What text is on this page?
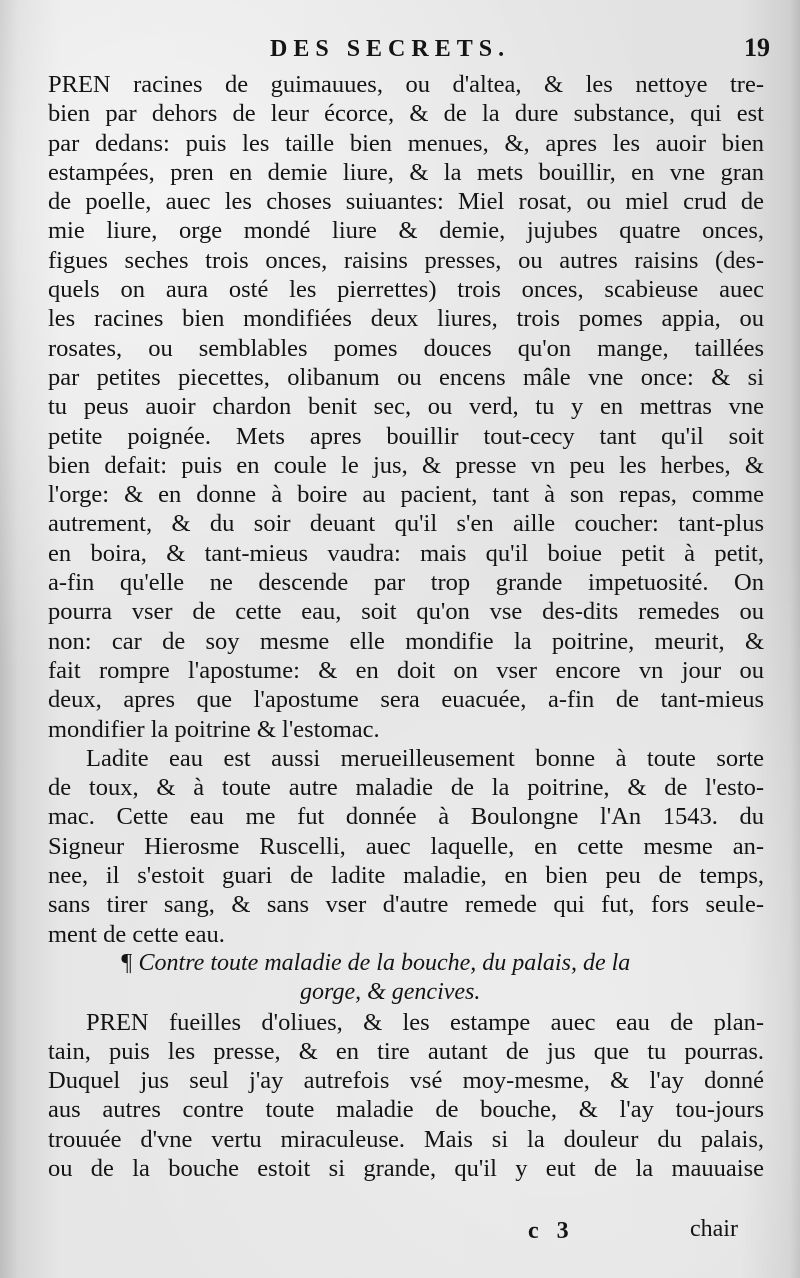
DES SECRETS.	19
PREN racines de guimauues, ou d'altea, & les nettoye tre-
bien par dehors de leur écorce, & de la dure substance, qui est
par dedans: puis les taille bien menues, &, apres les auoir bien
estampées, pren en demie liure, & la mets bouillir, en vne gran
de poelle, auec les choses suiuantes: Miel rosat, ou miel crud de
mie liure, orge mondé liure & demie, jujubes quatre onces,
figues seches trois onces, raisins presses, ou autres raisins (des-
quels on aura osté les pierrettes) trois onces, scabieuse auec
les racines bien mondifiées deux liures, trois pomes appia, ou
rosates, ou semblables pomes douces qu'on mange, taillées
par petites piecettes, olibanum ou encens mâle vne once: & si
tu peus auoir chardon benit sec, ou verd, tu y en mettras vne
petite poignée. Mets apres bouillir tout-cecy tant qu'il soit
bien defait: puis en coule le jus, & presse vn peu les herbes, &
l'orge: & en donne à boire au pacient, tant à son repas, comme
autrement, & du soir deuant qu'il s'en aille coucher: tant-plus
en boira, & tant-mieus vaudra: mais qu'il boiue petit à petit,
a-fin qu'elle ne descende par trop grande impetuosité. On
pourra vser de cette eau, soit qu'on vse des-dits remedes ou
non: car de soy mesme elle mondifie la poitrine, meurit, &
fait rompre l'apostume: & en doit on vser encore vn jour ou
deux, apres que l'apostume sera euacuée, a-fin de tant-mieus
mondifier la poitrine & l'estomac.
Ladite eau est aussi merueilleusement bonne à toute sorte
de toux, & à toute autre maladie de la poitrine, & de l'esto-
mac. Cette eau me fut donnée à Boulongne l'An 1543. du
Signeur Hierosme Ruscelli, auec laquelle, en cette mesme an-
nee, il s'estoit guari de ladite maladie, en bien peu de temps,
sans tirer sang, & sans vser d'autre remede qui fut, fors seule-
ment de cette eau.
¶ Contre toute maladie de la bouche, du palais, de la
gorge, & gencives.
PREN fueilles d'oliues, & les estampe auec eau de plan-
tain, puis les presse, & en tire autant de jus que tu pourras.
Duquel jus seul j'ay autrefois vsé moy-mesme, & l'ay donné
aus autres contre toute maladie de bouche, & l'ay tou-jours
trouuée d'vne vertu miraculeuse. Mais si la douleur du palais,
ou de la bouche estoit si grande, qu'il y eut de la mauuaise
c 3	chair
